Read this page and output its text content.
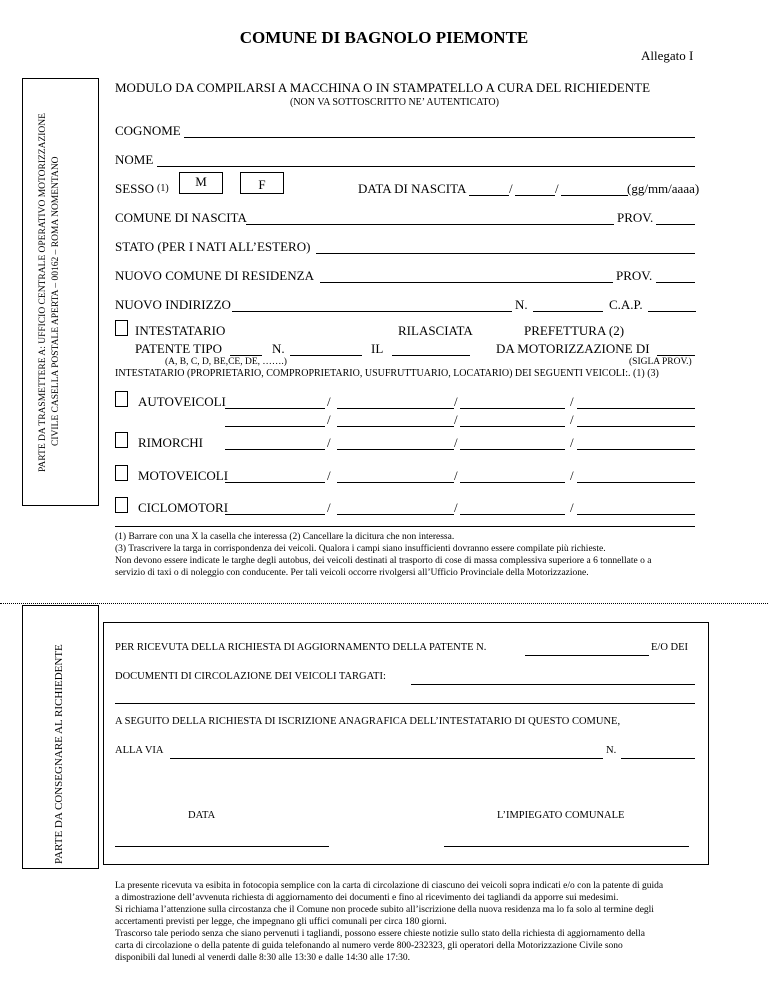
COMUNE DI BAGNOLO PIEMONTE
Allegato I
MODULO DA COMPILARSI A MACCHINA O IN STAMPATELLO A CURA DEL RICHIEDENTE
(NON VA SOTTOSCRITTO NE’ AUTENTICATO)
PARTE DA TRASMETTERE A: UFFICIO CENTRALE OPERATIVO MOTORIZZAZIONE CIVILE CASELLA POSTALE APERTA – 00162 – ROMA NOMENTANO
PARTE DA CONSEGNARE AL RICHIEDENTE
COGNOME
NOME
SESSO (1)	M	F	DATA DI NASCITA	/	/	(gg/mm/aaaa)
COMUNE DI NASCITA	PROV.
STATO (PER I NATI ALL’ESTERO)
NUOVO COMUNE DI RESIDENZA	PROV.
NUOVO INDIRIZZO	N.	C.A.P.
INTESTATARIO
PATENTE TIPO	N.
RILASCIATA
IL
PREFETTURA (2)
DA MOTORIZZAZIONE DI
(A, B, C, D, BE,CE, DE, …….)	(SIGLA PROV.)
INTESTATARIO (PROPRIETARIO, COMPROPRIETARIO, USUFRUTTUARIO, LOCATARIO) DEI SEGUENTI VEICOLI:. (1) (3)
AUTOVEICOLI	/	/	/
/	/	/
RIMORCHI	/	/	/
MOTOVEICOLI	/	/	/
CICLOMOTORI	/	/	/
(1) Barrare con una X la casella che interessa (2) Cancellare la dicitura che non interessa.
(3) Trascrivere la targa in corrispondenza dei veicoli. Qualora i campi siano insufficienti dovranno essere compilate più richieste.
Non devono essere indicate le targhe degli autobus, dei veicoli destinati al trasporto di cose di massa complessiva superiore a 6 tonnellate o a
servizio di taxi o di noleggio con conducente. Per tali veicoli occorre rivolgersi all’Ufficio Provinciale della Motorizzazione.
PER RICEVUTA DELLA RICHIESTA DI AGGIORNAMENTO DELLA PATENTE N.	E/O DEI
DOCUMENTI DI CIRCOLAZIONE DEI VEICOLI TARGATI:
A SEGUITO DELLA RICHIESTA DI ISCRIZIONE ANAGRAFICA DELL’INTESTATARIO DI QUESTO COMUNE,
ALLA VIA	N.
DATA	L’IMPIEGATO COMUNALE
La presente ricevuta va esibita in fotocopia semplice con la carta di circolazione di ciascuno dei veicoli sopra indicati e/o con la patente di guida
a dimostrazione dell’avvenuta richiesta di aggiornamento dei documenti e fino al ricevimento dei tagliandi da apporre sui medesimi.
Si richiama l’attenzione sulla circostanza che il Comune non procede subito all’iscrizione della nuova residenza ma lo fa solo al termine degli
accertamenti previsti per legge, che impegnano gli uffici comunali per circa 180 giorni.
Trascorso tale periodo senza che siano pervenuti i tagliandi, possono essere chieste notizie sullo stato della richiesta di aggiornamento della
carta di circolazione o della patente di guida telefonando al numero verde 800-232323, gli operatori della Motorizzazione Civile sono
disponibili dal lunedi al venerdi dalle 8:30 alle 13:30 e dalle 14:30 alle 17:30.
